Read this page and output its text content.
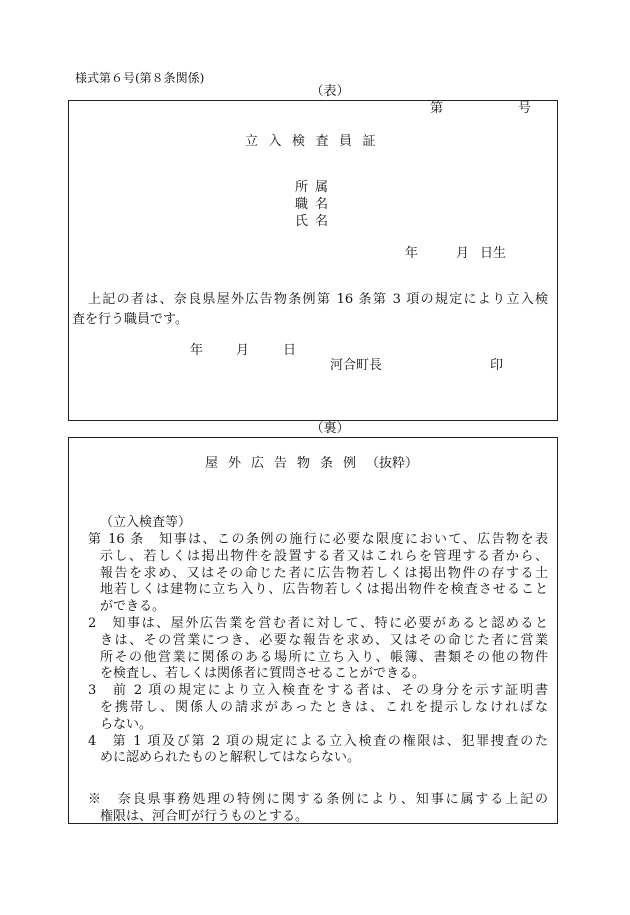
様式第６号(第８条関係)
（表）
第	号
立入検査員証
所属
職名
氏名
年	月 日生
上記の者は、奈良県屋外広告物条例第 16 条第 3 項の規定により立入検
査を行う職員です。
年	月	日
河合町長	印
（裏）
屋外広告物条例（抜粋）
（立入検査等）
第 16 条　知事は、この条例の施行に必要な限度において、広告物を表
示し、若しくは掲出物件を設置する者又はこれらを管理する者から、
報告を求め、又はその命じた者に広告物若しくは掲出物件の存する土
地若しくは建物に立ち入り、広告物若しくは掲出物件を検査させること
ができる。
2　知事は、屋外広告業を営む者に対して、特に必要があると認めると
きは、その営業につき、必要な報告を求め、又はその命じた者に営業
所その他営業に関係のある場所に立ち入り、帳簿、書類その他の物件
を検査し、若しくは関係者に質問させることができる。
3　前 2 項の規定により立入検査をする者は、その身分を示す証明書
を携帯し、関係人の請求があったときは、これを提示しなければな
らない。
4　第 1 項及び第 2 項の規定による立入検査の権限は、犯罪捜査のた
めに認められたものと解釈してはならない。
※　奈良県事務処理の特例に関する条例により、知事に属する上記の
権限は、河合町が行うものとする。
